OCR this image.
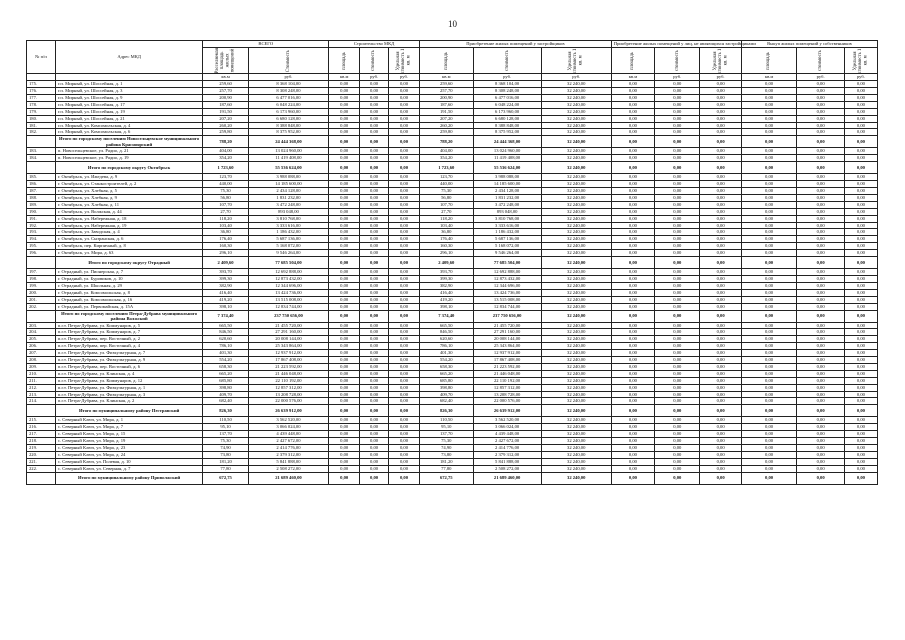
10
№ п/п	Адрес МКД	ВСЕГО		Строительство МКД			Приобретение жилых помещений у застройщиков			Приобретение жилых помещений у лиц, не являющихся застройщиками			Выкуп жилых помещений у собственников		

		Расселяемая площадь жилых помещений	Стоимость	площадь	стоимость	Удельная стоимость 1 кв. м	площадь	стоимость	Удельная стоимость 1 кв. м	площадь	стоимость	Удельная стоимость 1 кв. м	площадь	стоимость	Удельная стоимость 1 кв. м

		кв.м	руб.	кв.м	руб.	руб.	кв.м	руб.	руб.	кв.м	руб.	руб.	кв.м	руб.	руб.
175.	г.п. Мирный, ул. Шоссейная, д. 1	259,60	8 368 104,00	0,00	0,00	0,00	259,60	8 368 104,00	32 240,00	0,00	0,00	0,00	0,00	0,00	0,00
176.	г.п. Мирный, ул. Шоссейная, д. 3	257,70	8 308 248,00	0,00	0,00	0,00	257,70	8 308 248,00	32 240,00	0,00	0,00	0,00	0,00	0,00	0,00
177.	г.п. Мирный, ул. Шоссейная, д. 9	200,90	6 477 016,00	0,00	0,00	0,00	200,90	6 477 016,00	32 240,00	0,00	0,00	0,00	0,00	0,00	0,00
178.	г.п. Мирный, ул. Шоссейная, д. 17	187,60	6 048 224,00	0,00	0,00	0,00	187,60	6 048 224,00	32 240,00	0,00	0,00	0,00	0,00	0,00	0,00
179.	г.п. Мирный, ул. Шоссейная, д. 19	191,50	6 173 960,00	0,00	0,00	0,00	191,50	6 173 960,00	32 240,00	0,00	0,00	0,00	0,00	0,00	0,00
180.	г.п. Мирный, ул. Шоссейная, д. 21	207,20	6 680 128,00	0,00	0,00	0,00	207,20	6 680 128,00	32 240,00	0,00	0,00	0,00	0,00	0,00	0,00
181.	г.п. Мирный, ул. Комсомольская, д. 4	260,20	8 388 848,00	0,00	0,00	0,00	260,20	8 388 848,00	32 240,00	0,00	0,00	0,00	0,00	0,00	0,00
182.	г.п. Мирный, ул. Комсомольская, д. 6	259,80	8 375 952,00	0,00	0,00	0,00	259,80	8 375 952,00	32 240,00	0,00	0,00	0,00	0,00	0,00	0,00
	Итого по городскому поселению Новосельцевское муниципального района Красноярский	788,20	24 444 368,00	0,00	0,00	0,00	788,20	24 444 368,00	32 240,00	0,00	0,00	0,00	0,00	0,00	0,00
183.	п. Новосельцевское, ул. Радио, д. 21	404,00	13 024 960,00	0,00	0,00	0,00	404,00	13 024 960,00	32 240,00	0,00	0,00	0,00	0,00	0,00	0,00
184.	п. Новосельцевское, ул. Радио, д. 19	354,20	11 419 408,00	0,00	0,00	0,00	354,20	11 419 408,00	32 240,00	0,00	0,00	0,00	0,00	0,00	0,00
	Итого по городскому округу Октябрьск	1 723,60	55 536 624,00	0,00	0,00	0,00	1 723,60	55 536 624,00	32 240,00	0,00	0,00	0,00	0,00	0,00	0,00
185.	г. Октябрьск, ул. Ижедева, д. 9	123,70	3 988 088,00	0,00	0,00	0,00	123,70	3 988 088,00	32 240,00	0,00	0,00	0,00	0,00	0,00	0,00
186.	г. Октябрьск, ул. Станкостроителей, д. 2	440,00	14 185 600,00	0,00	0,00	0,00	440,00	14 185 600,00	32 240,00	0,00	0,00	0,00	0,00	0,00	0,00
187.	г. Октябрьск, ул. Хлебная, д. 5	75,30	2 434 128,00	0,00	0,00	0,00	75,30	2 434 128,00	32 240,00	0,00	0,00	0,00	0,00	0,00	0,00
188.	г. Октябрьск, ул. Хлебная, д. 9	56,80	1 831 232,00	0,00	0,00	0,00	56,80	1 831 232,00	32 240,00	0,00	0,00	0,00	0,00	0,00	0,00
189.	г. Октябрьск, ул. Хлебная, д. 11	107,70	3 472 248,00	0,00	0,00	0,00	107,70	3 472 248,00	32 240,00	0,00	0,00	0,00	0,00	0,00	0,00
190.	г. Октябрьск, ул. Волжская, д. 44	27,70	893 048,00	0,00	0,00	0,00	27,70	893 048,00	32 240,00	0,00	0,00	0,00	0,00	0,00	0,00
191.	г. Октябрьск, ул. Набережная, д. 18	118,20	3 810 768,00	0,00	0,00	0,00	118,20	3 810 768,00	32 240,00	0,00	0,00	0,00	0,00	0,00	0,00
192.	г. Октябрьск, ул. Набережная, д. 19	103,40	3 333 616,00	0,00	0,00	0,00	103,40	3 333 616,00	32 240,00	0,00	0,00	0,00	0,00	0,00	0,00
193.	г. Октябрьск, ул. Заводская, д. 4	36,80	1 186 432,00	0,00	0,00	0,00	36,80	1 186 432,00	32 240,00	0,00	0,00	0,00	0,00	0,00	0,00
194.	г. Октябрьск, ул. Сызранская, д. 6	176,40	5 687 136,00	0,00	0,00	0,00	176,40	5 687 136,00	32 240,00	0,00	0,00	0,00	0,00	0,00	0,00
195.	г. Октябрьск, пер. Кирпичный, д. 8	160,30	5 168 072,00	0,00	0,00	0,00	160,30	5 168 072,00	32 240,00	0,00	0,00	0,00	0,00	0,00	0,00
196.	г. Октябрьск, ул. Мира, д. 63	296,10	9 546 264,00	0,00	0,00	0,00	296,10	9 546 264,00	32 240,00	0,00	0,00	0,00	0,00	0,00	0,00
	Итого по городскому округу Отрадный	2 409,60	77 685 504,00	0,00	0,00	0,00	2 409,60	77 685 504,00	32 240,00	0,00	0,00	0,00	0,00	0,00	0,00
197.	г. Отрадный, ул. Пионерская, д. 7	393,70	12 692 888,00	0,00	0,00	0,00	393,70	12 692 888,00	32 240,00	0,00	0,00	0,00	0,00	0,00	0,00
198.	г. Отрадный, ул. Буровиков, д. 10	399,30	12 873 432,00	0,00	0,00	0,00	399,30	12 873 432,00	32 240,00	0,00	0,00	0,00	0,00	0,00	0,00
199.	г. Отрадный, ул. Школьная, д. 29	382,90	12 344 696,00	0,00	0,00	0,00	382,90	12 344 696,00	32 240,00	0,00	0,00	0,00	0,00	0,00	0,00
200.	г. Отрадный, ул. Комсомольская, д. 8	416,40	13 424 736,00	0,00	0,00	0,00	416,40	13 424 736,00	32 240,00	0,00	0,00	0,00	0,00	0,00	0,00
201.	г. Отрадный, ул. Комсомольская, д. 16	419,20	13 515 008,00	0,00	0,00	0,00	419,20	13 515 008,00	32 240,00	0,00	0,00	0,00	0,00	0,00	0,00
202.	г. Отрадный, ул. Первомайская, д. 15А	398,10	12 834 744,00	0,00	0,00	0,00	398,10	12 834 744,00	32 240,00	0,00	0,00	0,00	0,00	0,00	0,00
	Итого по городскому поселению Петра-Дубрава муниципального района Волжский	7 374,40	237 750 656,00	0,00	0,00	0,00	7 374,40	237 750 656,00	32 240,00	0,00	0,00	0,00	0,00	0,00	0,00
203.	п.г.т. Петра-Дубрава, ул. Коммунаров, д. 5	665,50	21 455 720,00	0,00	0,00	0,00	665,50	21 455 720,00	32 240,00	0,00	0,00	0,00	0,00	0,00	0,00
204.	п.г.т. Петра-Дубрава, ул. Коммунаров, д. 7	846,50	27 291 160,00	0,00	0,00	0,00	846,50	27 291 160,00	32 240,00	0,00	0,00	0,00	0,00	0,00	0,00
205.	п.г.т. Петра-Дубрава, пер. Восточный, д. 2	620,60	20 008 144,00	0,00	0,00	0,00	620,60	20 008 144,00	32 240,00	0,00	0,00	0,00	0,00	0,00	0,00
206.	п.г.т. Петра-Дубрава, пер. Восточный, д. 4	786,10	25 343 864,00	0,00	0,00	0,00	786,10	25 343 864,00	32 240,00	0,00	0,00	0,00	0,00	0,00	0,00
207.	п.г.т. Петра-Дубрава, ул. Физкультурная, д. 7	401,30	12 937 912,00	0,00	0,00	0,00	401,30	12 937 912,00	32 240,00	0,00	0,00	0,00	0,00	0,00	0,00
208.	п.г.т. Петра-Дубрава, ул. Физкультурная, д. 9	554,20	17 867 408,00	0,00	0,00	0,00	554,20	17 867 408,00	32 240,00	0,00	0,00	0,00	0,00	0,00	0,00
209.	п.г.т. Петра-Дубрава, пер. Восточный, д. 6	658,30	21 223 592,00	0,00	0,00	0,00	658,30	21 223 592,00	32 240,00	0,00	0,00	0,00	0,00	0,00	0,00
210.	п.г.т. Петра-Дубрава, ул. Клинская, д. 4	665,20	21 446 048,00	0,00	0,00	0,00	665,20	21 446 048,00	32 240,00	0,00	0,00	0,00	0,00	0,00	0,00
211.	п.г.т. Петра-Дубрава, ул. Коммунаров, д. 12	685,80	22 110 192,00	0,00	0,00	0,00	685,80	22 110 192,00	32 240,00	0,00	0,00	0,00	0,00	0,00	0,00
212.	п.г.т. Петра-Дубрава, ул. Физкультурная, д. 1	398,80	12 857 312,00	0,00	0,00	0,00	398,80	12 857 312,00	32 240,00	0,00	0,00	0,00	0,00	0,00	0,00
213.	п.г.т. Петра-Дубрава, ул. Физкультурная, д. 3	409,70	13 208 728,00	0,00	0,00	0,00	409,70	13 208 728,00	32 240,00	0,00	0,00	0,00	0,00	0,00	0,00
214.	п.г.т. Петра-Дубрава, ул. Клинская, д. 2	682,40	22 000 576,00	0,00	0,00	0,00	682,40	22 000 576,00	32 240,00	0,00	0,00	0,00	0,00	0,00	0,00
	Итого по муниципальному району Пестравский	826,30	26 639 912,00	0,00	0,00	0,00	826,30	26 639 912,00	32 240,00	0,00	0,00	0,00	0,00	0,00	0,00
215.	с. Северный Ключ, ул. Мира, д. 1	110,50	3 562 520,00	0,00	0,00	0,00	110,50	3 562 520,00	32 240,00	0,00	0,00	0,00	0,00	0,00	0,00
216.	с. Северный Ключ, ул. Мира, д. 7	95,10	3 066 024,00	0,00	0,00	0,00	95,10	3 066 024,00	32 240,00	0,00	0,00	0,00	0,00	0,00	0,00
217.	с. Северный Ключ, ул. Мира, д. 15	137,70	4 439 448,00	0,00	0,00	0,00	137,70	4 439 448,00	32 240,00	0,00	0,00	0,00	0,00	0,00	0,00
218.	с. Северный Ключ, ул. Мира, д. 19	75,30	2 427 672,00	0,00	0,00	0,00	75,30	2 427 672,00	32 240,00	0,00	0,00	0,00	0,00	0,00	0,00
219.	с. Северный Ключ, ул. Мира, д. 23	74,90	2 414 776,00	0,00	0,00	0,00	74,90	2 414 776,00	32 240,00	0,00	0,00	0,00	0,00	0,00	0,00
220.	с. Северный Ключ, ул. Мира, д. 24	73,80	2 379 312,00	0,00	0,00	0,00	73,80	2 379 312,00	32 240,00	0,00	0,00	0,00	0,00	0,00	0,00
221.	с. Северный Ключ, ул. Полевая, д. 10	181,20	5 841 888,00	0,00	0,00	0,00	181,20	5 841 888,00	32 240,00	0,00	0,00	0,00	0,00	0,00	0,00
222.	с. Северный Ключ, ул. Северная, д. 7	77,80	2 508 272,00	0,00	0,00	0,00	77,80	2 508 272,00	32 240,00	0,00	0,00	0,00	0,00	0,00	0,00
	Итого по муниципальному району Приволжский	672,75	21 689 460,00	0,00	0,00	0,00	672,75	21 689 460,00	32 240,00	0,00	0,00	0,00	0,00	0,00	0,00
